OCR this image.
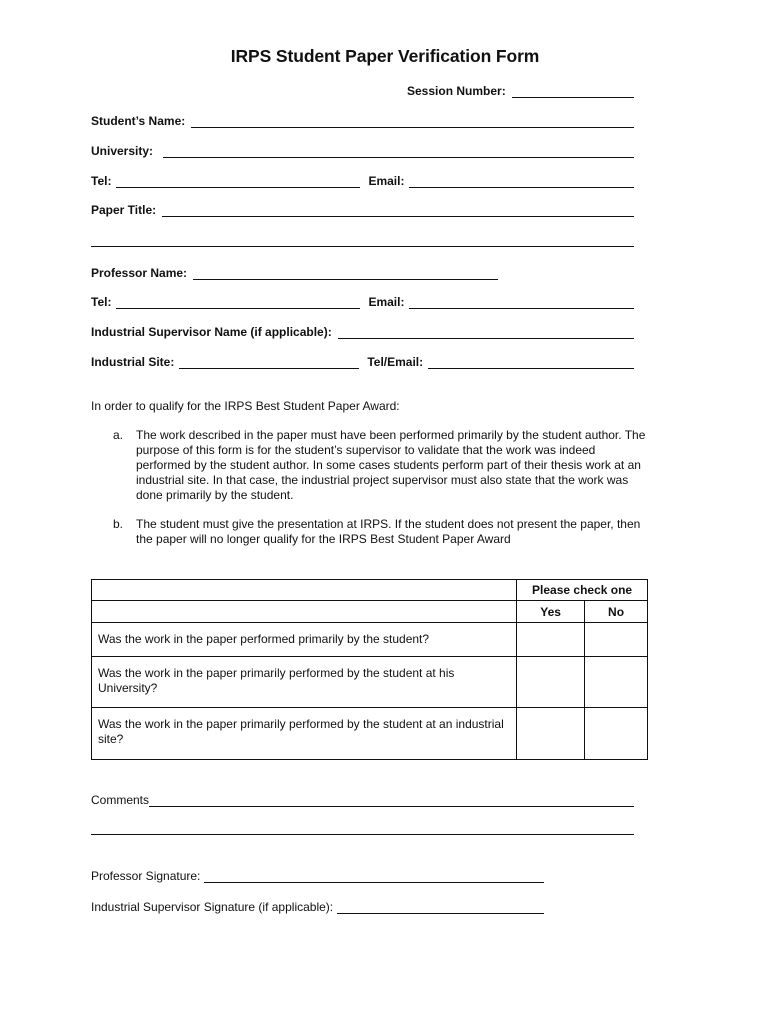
IRPS Student Paper Verification Form
Session Number:
Student’s Name:
University:
Tel:	Email:
Paper Title:
Professor Name:
Tel:	Email:
Industrial Supervisor Name (if applicable):
Industrial Site:	Tel/Email:
In order to qualify for the IRPS Best Student Paper Award:
a.	The work described in the paper must have been performed primarily by the student author. The purpose of this form is for the student’s supervisor to validate that the work was indeed performed by the student author. In some cases students perform part of their thesis work at an industrial site. In that case, the industrial project supervisor must also state that the work was done primarily by the student.
b.	The student must give the presentation at IRPS. If the student does not present the paper, then the paper will no longer qualify for the IRPS Best Student Paper Award
	Please check one	
	Yes	No
Was the work in the paper performed primarily by the student?		
Was the work in the paper primarily performed by the student at his University?		
Was the work in the paper primarily performed by the student at an industrial site?		
Comments
Professor Signature:
Industrial Supervisor Signature (if applicable):
